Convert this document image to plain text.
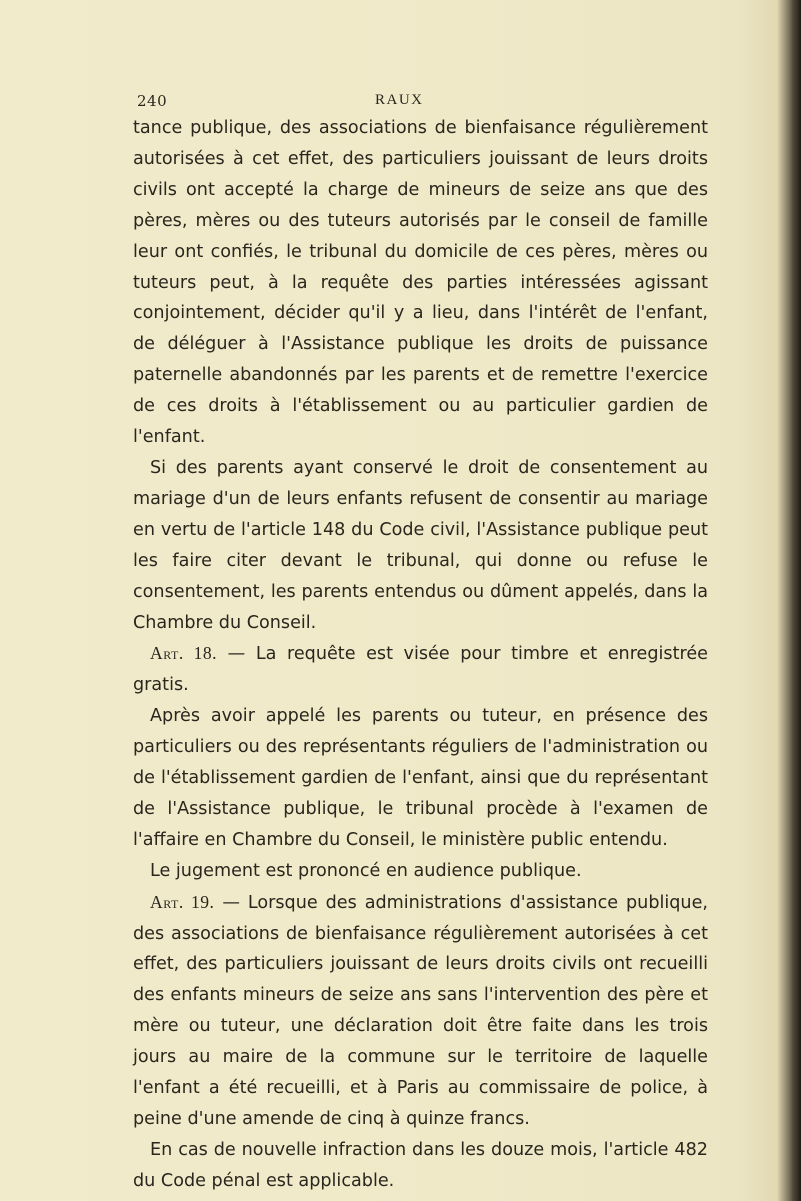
240	RAUX

tance publique, des associations de bienfaisance régulièrement autorisées à cet effet, des particuliers jouissant de leurs droits civils ont accepté la charge de mineurs de seize ans que des pères, mères ou des tuteurs autorisés par le conseil de famille leur ont confiés, le tribunal du domicile de ces pères, mères ou tuteurs peut, à la requête des parties intéressées agissant conjointement, décider qu'il y a lieu, dans l'intérêt de l'enfant, de déléguer à l'Assistance publique les droits de puissance paternelle abandonnés par les parents et de remettre l'exercice de ces droits à l'établissement ou au particulier gardien de l'enfant.

Si des parents ayant conservé le droit de consentement au mariage d'un de leurs enfants refusent de consentir au mariage en vertu de l'article 148 du Code civil, l'Assistance publique peut les faire citer devant le tribunal, qui donne ou refuse le consentement, les parents entendus ou dûment appelés, dans la Chambre du Conseil.

Art. 18. — La requête est visée pour timbre et enregistrée gratis.

Après avoir appelé les parents ou tuteur, en présence des particuliers ou des représentants réguliers de l'administration ou de l'établissement gardien de l'enfant, ainsi que du représentant de l'Assistance publique, le tribunal procède à l'examen de l'affaire en Chambre du Conseil, le ministère public entendu.

Le jugement est prononcé en audience publique.

Art. 19. — Lorsque des administrations d'assistance publique, des associations de bienfaisance régulièrement autorisées à cet effet, des particuliers jouissant de leurs droits civils ont recueilli des enfants mineurs de seize ans sans l'intervention des père et mère ou tuteur, une déclaration doit être faite dans les trois jours au maire de la commune sur le territoire de laquelle l'enfant a été recueilli, et à Paris au commissaire de police, à peine d'une amende de cinq à quinze francs.

En cas de nouvelle infraction dans les douze mois, l'article 482 du Code pénal est applicable.
